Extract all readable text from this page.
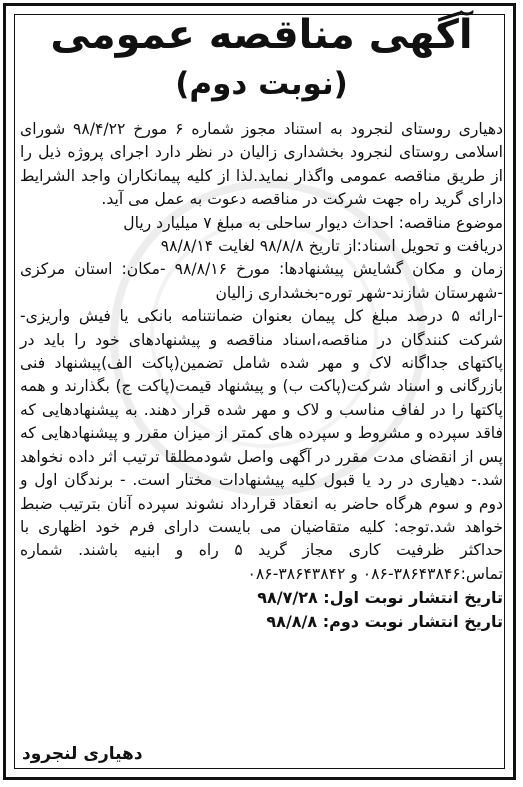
آگهی مناقصه عمومی
(نوبت دوم)

دهیاری روستای لنجرود به استناد مجوز شماره ۶ مورخ ۹۸/۴/۲۲ شورای اسلامی روستای لنجرود بخشداری زالیان در نظر دارد اجرای پروژه ذیل را از طریق مناقصه عمومی واگذار نماید.لذا از کلیه پیمانکاران واجد الشرایط دارای گرید راه جهت شرکت در مناقصه دعوت به عمل می آید.

موضوع مناقصه: احداث دیوار ساحلی به مبلغ ۷ میلیارد ریال

دریافت و تحویل اسناد:از تاریخ ۹۸/۸/۸ لغایت ۹۸/۸/۱۴

زمان و مکان گشایش پیشنهادها: مورخ ۹۸/۸/۱۶ -مکان: استان مرکزی -شهرستان شازند-شهر توره-بخشداری زالیان

-ارائه ۵ درصد مبلغ کل پیمان بعنوان ضمانتنامه بانکی یا فیش واریزی- شرکت کنندگان در مناقصه،اسناد مناقصه و پیشنهادهای خود را باید در پاکتهای جداگانه لاک و مهر شده شامل تضمین(پاکت الف)پیشنهاد فنی بازرگانی و اسناد شرکت(پاکت ب) و پیشنهاد قیمت(پاکت ج) بگذارند و همه پاکتها را در لفاف مناسب و لاک و مهر شده قرار دهند. به پیشنهادهایی که فاقد سپرده و مشروط و سپرده های کمتر از میزان مقرر و پیشنهادهایی که پس از انقضای مدت مقرر در آگهی واصل شودمطلقا ترتیب اثر داده نخواهد شد.- دهیاری در رد یا قبول کلیه پیشنهادات مختار است. - برندگان اول و دوم و سوم هرگاه حاضر به انعقاد قرارداد نشوند سپرده آنان بترتیب ضبط خواهد شد.توجه: کلیه متقاضیان می بایست دارای فرم خود اظهاری با حداکثر ظرفیت کاری مجاز گرید ۵ راه و ابنیه باشند. شماره تماس:۳۸۶۴۳۸۴۶-۰۸۶ و ۳۸۶۴۳۸۴۲-۰۸۶

تاریخ انتشار نوبت اول: ۹۸/۷/۲۸

تاریخ انتشار نوبت دوم: ۹۸/۸/۸

دهیاری لنجرود
